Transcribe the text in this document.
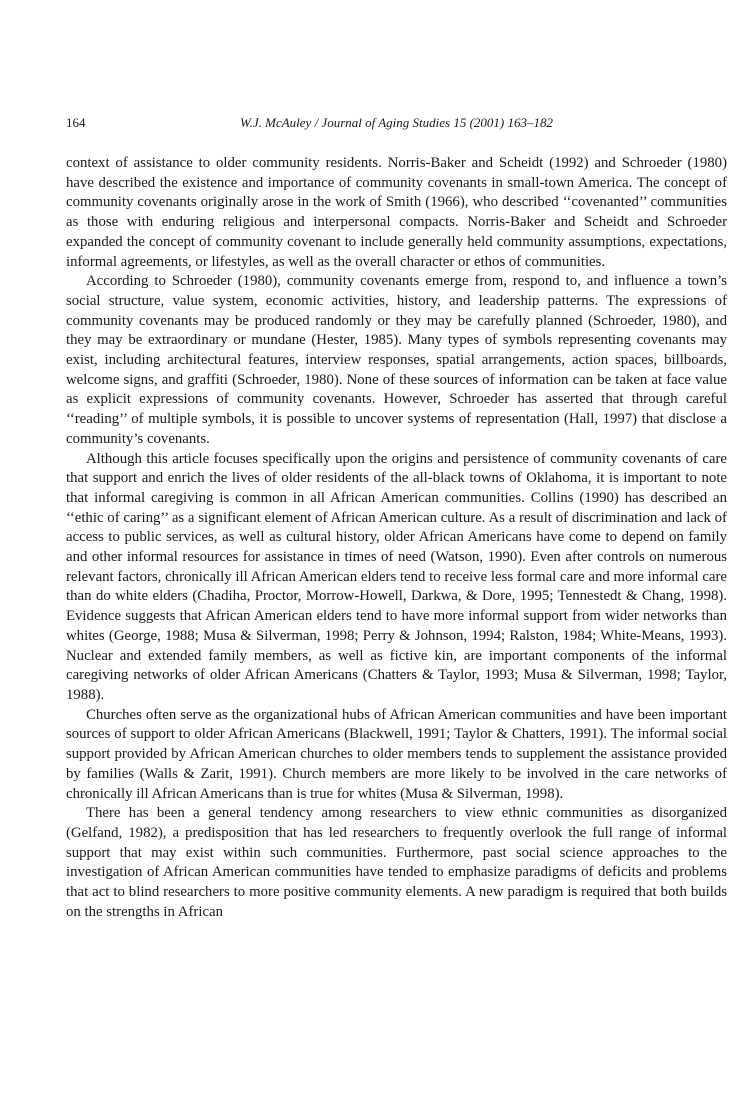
164	W.J. McAuley / Journal of Aging Studies 15 (2001) 163–182

context of assistance to older community residents. Norris-Baker and Scheidt (1992) and Schroeder (1980) have described the existence and importance of community covenants in small-town America. The concept of community covenants originally arose in the work of Smith (1966), who described ‘‘covenanted’’ communities as those with enduring religious and interpersonal compacts. Norris-Baker and Scheidt and Schroeder expanded the concept of community covenant to include generally held community assumptions, expectations, informal agreements, or lifestyles, as well as the overall character or ethos of communities.

According to Schroeder (1980), community covenants emerge from, respond to, and influence a town’s social structure, value system, economic activities, history, and leadership patterns. The expressions of community covenants may be produced randomly or they may be carefully planned (Schroeder, 1980), and they may be extraordinary or mundane (Hester, 1985). Many types of symbols representing covenants may exist, including architectural features, interview responses, spatial arrangements, action spaces, billboards, welcome signs, and graffiti (Schroeder, 1980). None of these sources of information can be taken at face value as explicit expressions of community covenants. However, Schroeder has asserted that through careful ‘‘reading’’ of multiple symbols, it is possible to uncover systems of representation (Hall, 1997) that disclose a community’s covenants.

Although this article focuses specifically upon the origins and persistence of community covenants of care that support and enrich the lives of older residents of the all-black towns of Oklahoma, it is important to note that informal caregiving is common in all African American communities. Collins (1990) has described an ‘‘ethic of caring’’ as a significant element of African American culture. As a result of discrimination and lack of access to public services, as well as cultural history, older African Americans have come to depend on family and other informal resources for assistance in times of need (Watson, 1990). Even after controls on numerous relevant factors, chronically ill African American elders tend to receive less formal care and more informal care than do white elders (Chadiha, Proctor, Morrow-Howell, Darkwa, & Dore, 1995; Tennestedt & Chang, 1998). Evidence suggests that African American elders tend to have more informal support from wider networks than whites (George, 1988; Musa & Silverman, 1998; Perry & Johnson, 1994; Ralston, 1984; White-Means, 1993). Nuclear and extended family members, as well as fictive kin, are important components of the informal caregiving networks of older African Americans (Chatters & Taylor, 1993; Musa & Silverman, 1998; Taylor, 1988).

Churches often serve as the organizational hubs of African American communities and have been important sources of support to older African Americans (Blackwell, 1991; Taylor & Chatters, 1991). The informal social support provided by African American churches to older members tends to supplement the assistance provided by families (Walls & Zarit, 1991). Church members are more likely to be involved in the care networks of chronically ill African Americans than is true for whites (Musa & Silverman, 1998).

There has been a general tendency among researchers to view ethnic communities as disorganized (Gelfand, 1982), a predisposition that has led researchers to frequently overlook the full range of informal support that may exist within such communities. Furthermore, past social science approaches to the investigation of African American communities have tended to emphasize paradigms of deficits and problems that act to blind researchers to more positive community elements. A new paradigm is required that both builds on the strengths in African
